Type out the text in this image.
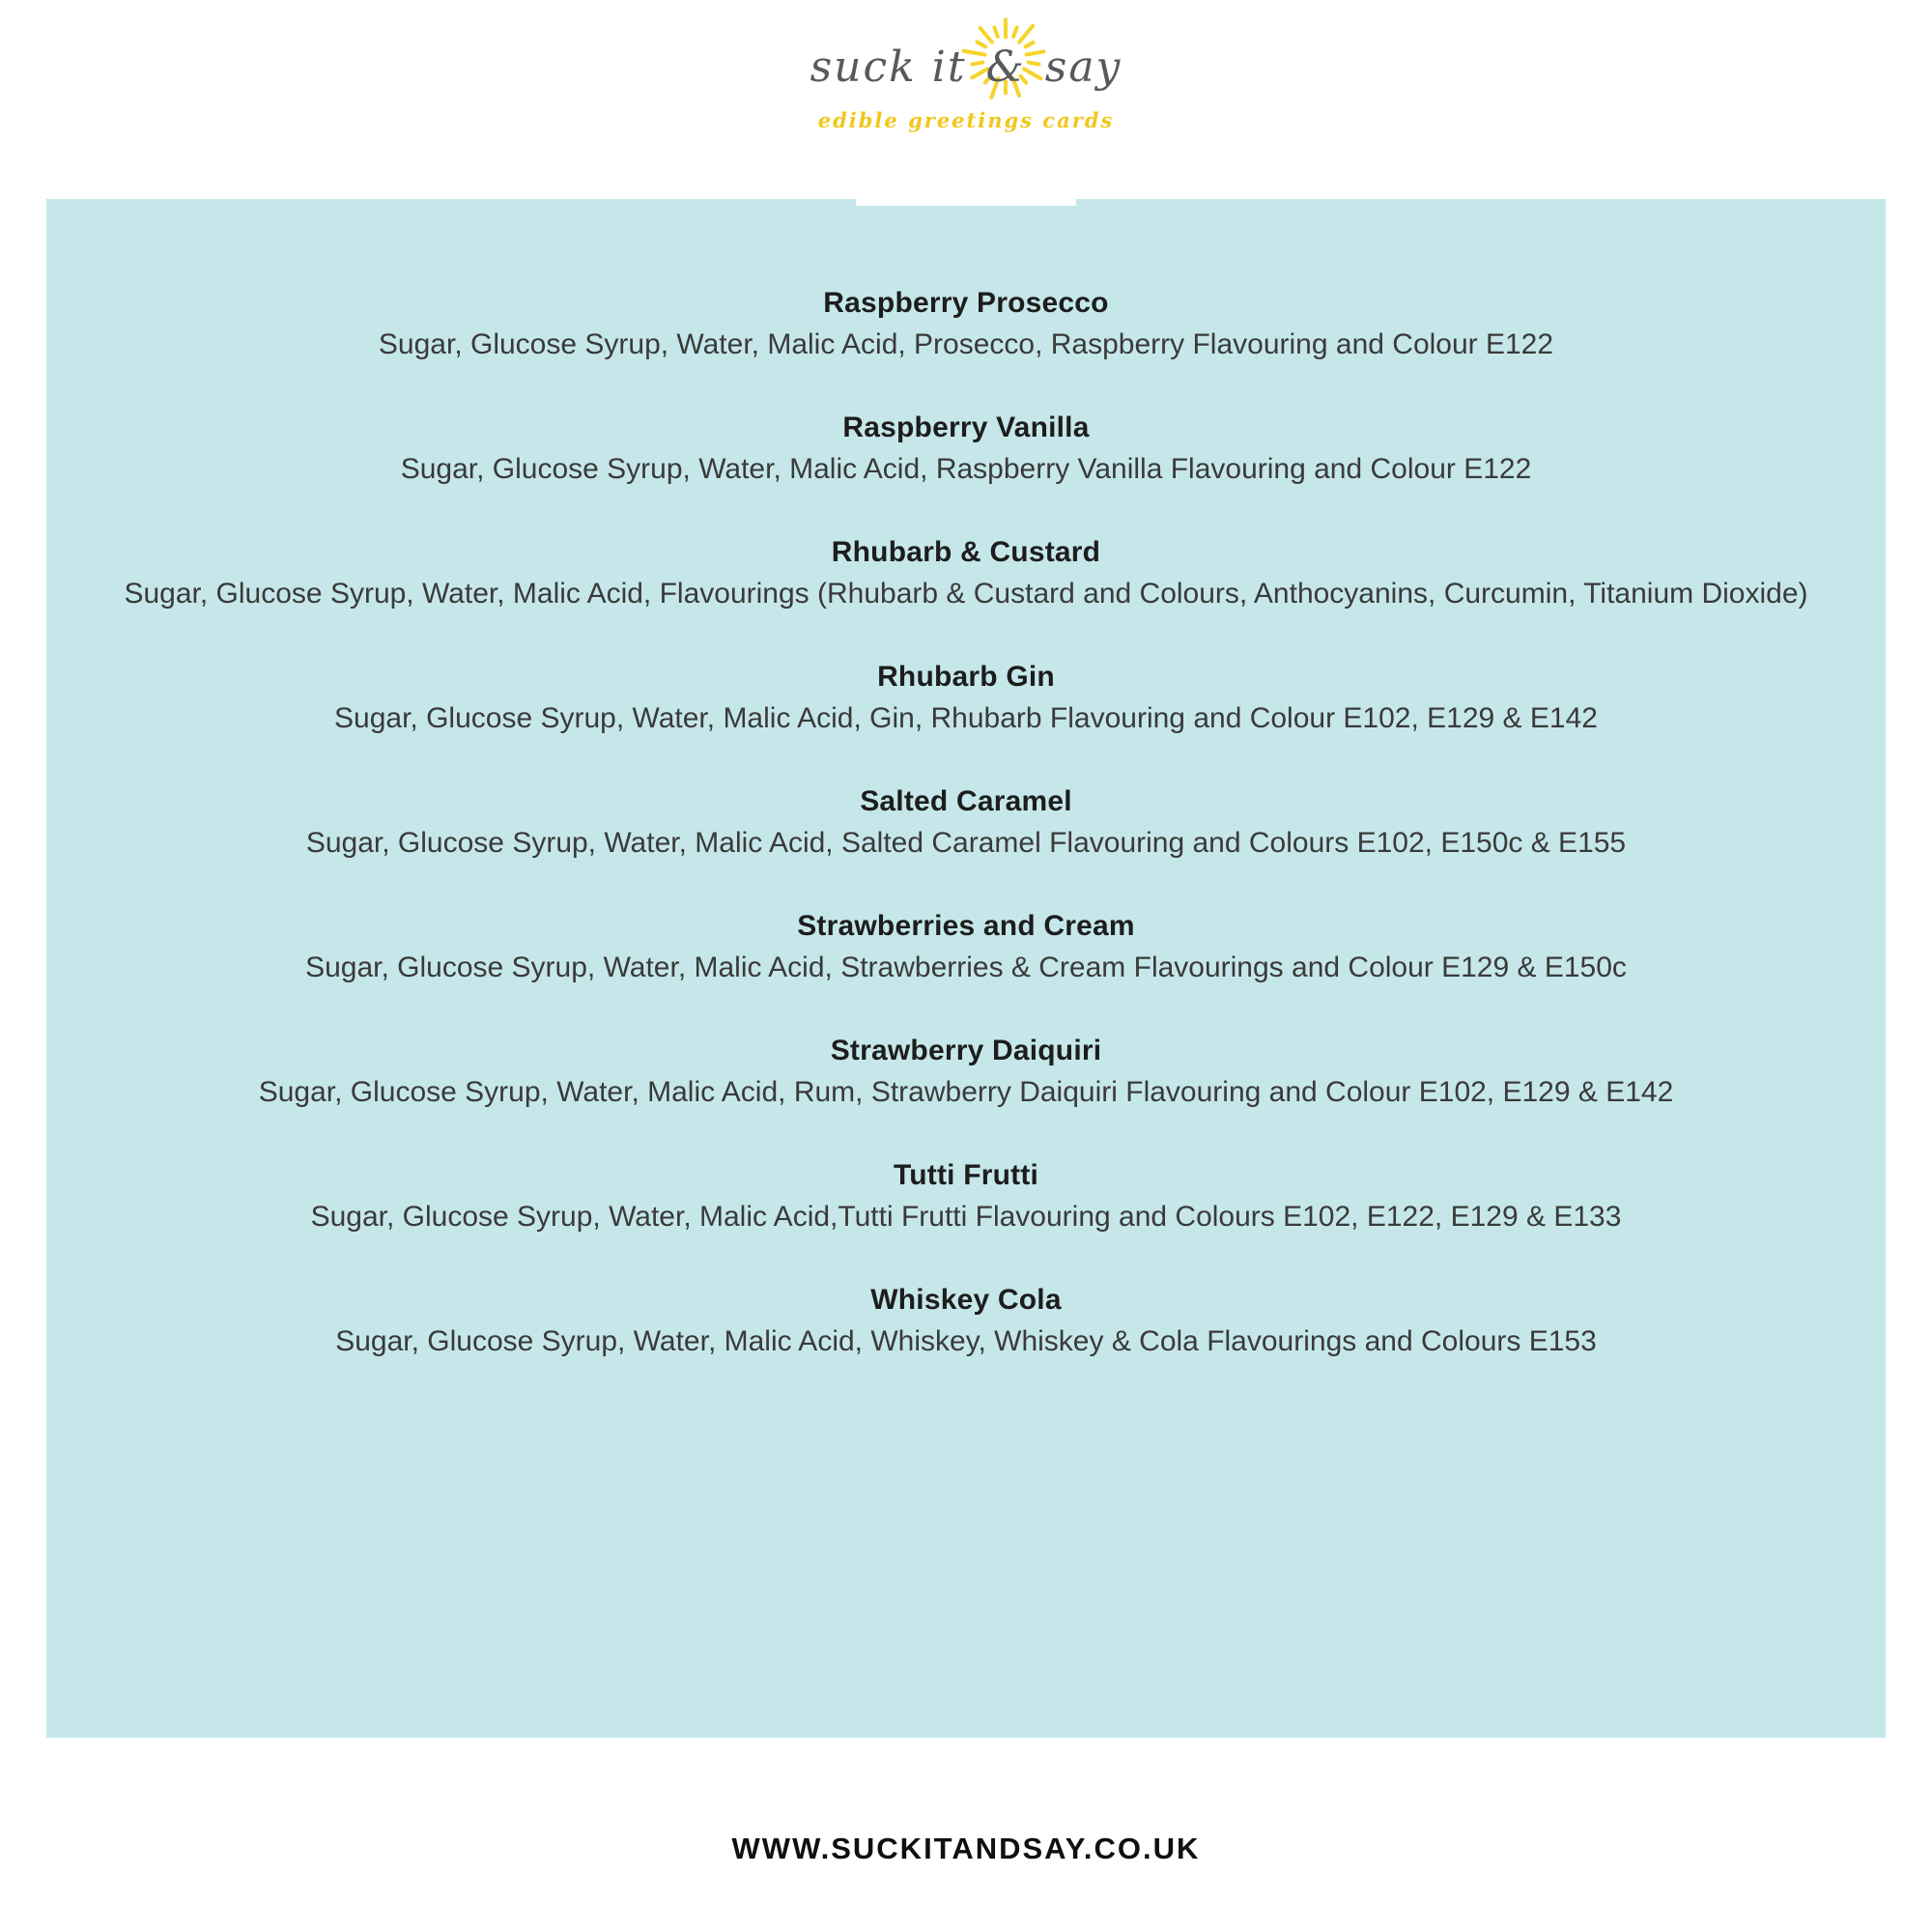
suck it & say
edible greetings cards
Raspberry Prosecco

Sugar, Glucose Syrup, Water, Malic Acid, Prosecco, Raspberry Flavouring and Colour E122

Raspberry Vanilla

Sugar, Glucose Syrup, Water, Malic Acid, Raspberry Vanilla Flavouring and Colour E122

Rhubarb & Custard

Sugar, Glucose Syrup, Water, Malic Acid, Flavourings (Rhubarb & Custard and Colours, Anthocyanins, Curcumin, Titanium Dioxide)

Rhubarb Gin

Sugar, Glucose Syrup, Water, Malic Acid, Gin, Rhubarb Flavouring and Colour E102, E129 & E142

Salted Caramel

Sugar, Glucose Syrup, Water, Malic Acid, Salted Caramel Flavouring and Colours E102, E150c & E155

Strawberries and Cream

Sugar, Glucose Syrup, Water, Malic Acid, Strawberries & Cream Flavourings and Colour E129 & E150c

Strawberry Daiquiri

Sugar, Glucose Syrup, Water, Malic Acid, Rum, Strawberry Daiquiri Flavouring and Colour E102, E129 & E142

Tutti Frutti

Sugar, Glucose Syrup, Water, Malic Acid,Tutti Frutti Flavouring and Colours E102, E122, E129 & E133

Whiskey Cola

Sugar, Glucose Syrup, Water, Malic Acid, Whiskey, Whiskey & Cola Flavourings and Colours E153

WWW.SUCKITANDSAY.CO.UK
